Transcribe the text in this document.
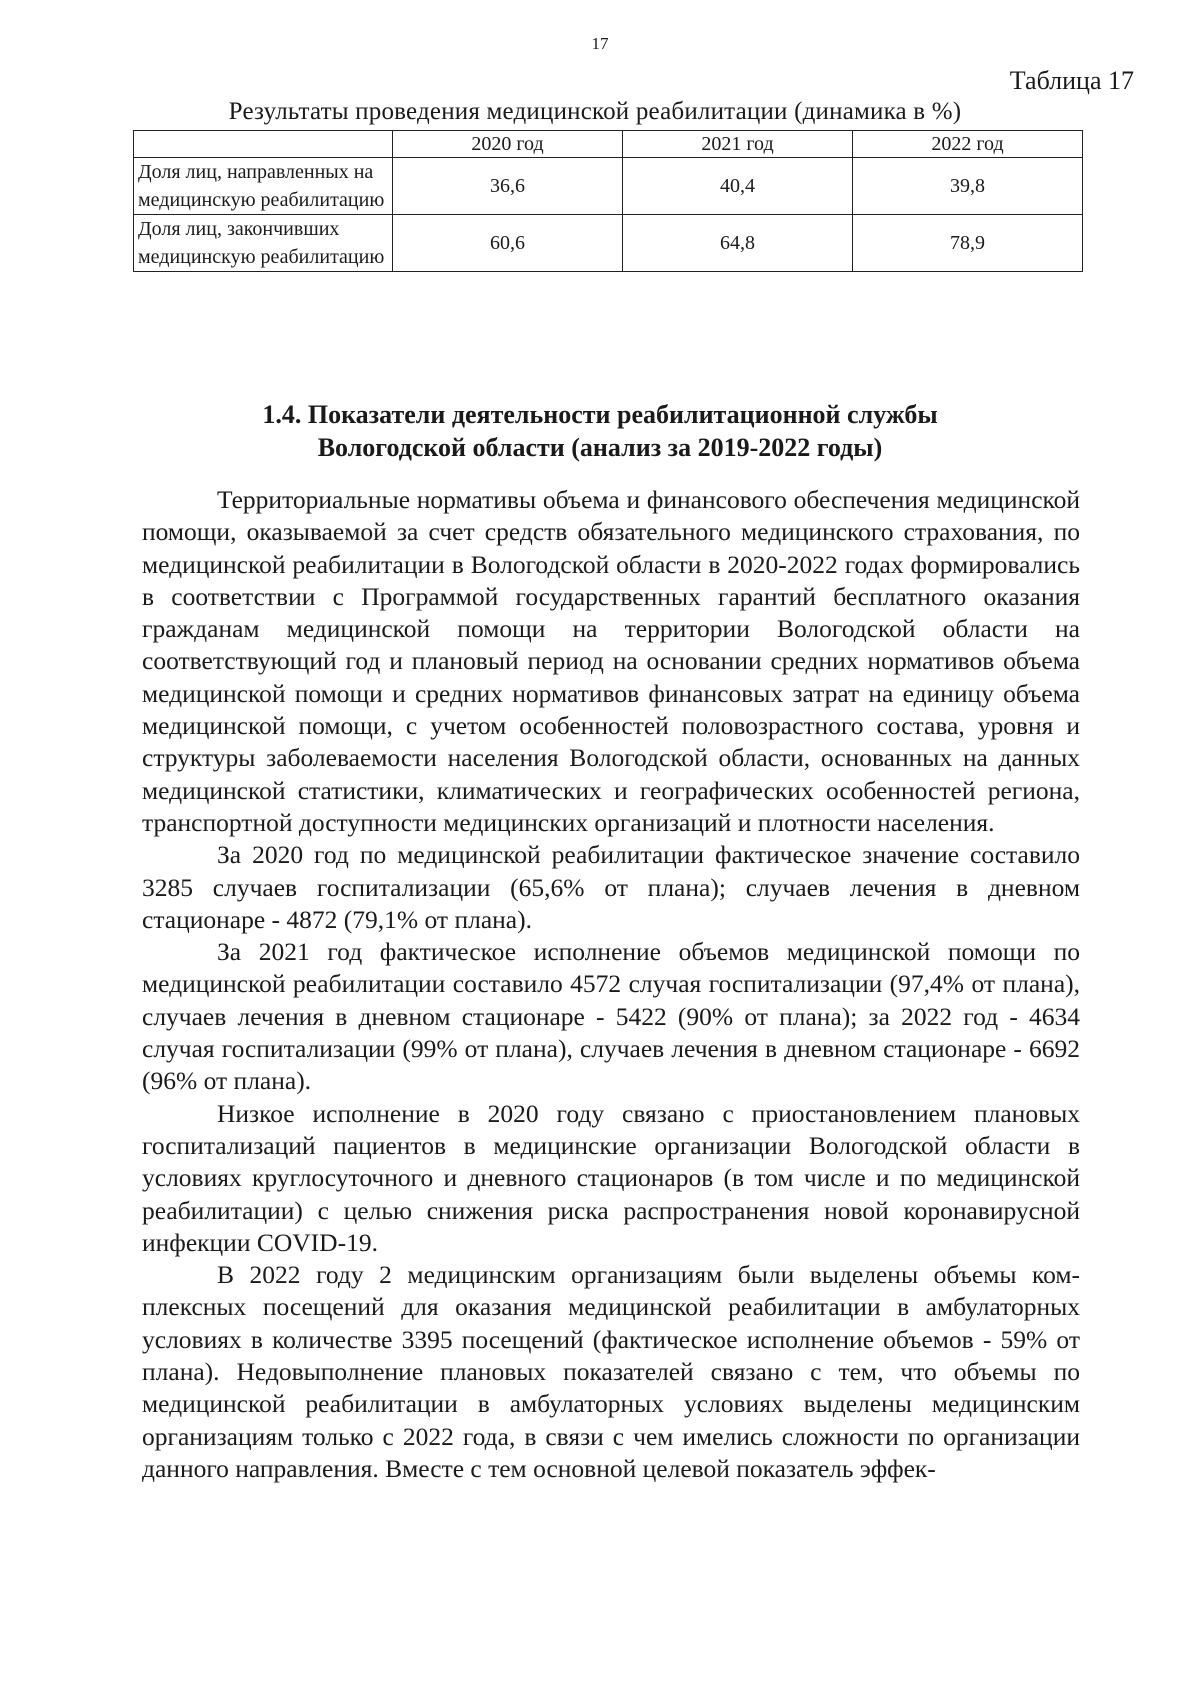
17
Таблица 17
Результаты проведения медицинской реабилитации (динамика в %)
	2020 год	2021 год	2022 год
Доля лиц, направленных на медицинскую реабилитацию	36,6	40,4	39,8
Доля лиц, закончивших медицинскую реабилитацию	60,6	64,8	78,9
1.4. Показатели деятельности реабилитационной службы
Вологодской области (анализ за 2019-2022 годы)

Территориальные нормативы объема и финансового обеспечения медицинской помощи, оказываемой за счет средств обязательного медицинского страхования, по медицинской реабилитации в Вологодской области в 2020-2022 годах формировались в соответствии с Программой государственных гарантий бесплатного оказания гражданам медицинской помощи на территории Вологодской области на соответствующий год и плановый период на основании средних нормативов объема медицинской помощи и средних нормативов финансовых затрат на единицу объема медицинской помощи, с учетом особенностей половозрастного состава, уровня и структуры заболеваемости населения Вологодской области, основанных на данных медицинской статистики, климатических и географических особенностей региона, транспортной доступности медицинских организаций и плотности населения.

За 2020 год по медицинской реабилитации фактическое значение составило 3285 случаев госпитализации (65,6% от плана); случаев лечения в дневном стационаре - 4872 (79,1% от плана).

За 2021 год фактическое исполнение объемов медицинской помощи по медицинской реабилитации составило 4572 случая госпитализации (97,4% от плана), случаев лечения в дневном стационаре - 5422 (90% от плана); за 2022 год - 4634 случая госпитализации (99% от плана), случаев лечения в дневном стационаре - 6692 (96% от плана).

Низкое исполнение в 2020 году связано с приостановлением плановых госпитализаций пациентов в медицинские организации Вологодской области в условиях круглосуточного и дневного стационаров (в том числе и по медицинской реабилитации) с целью снижения риска распространения новой коронавирусной инфекции COVID-19.

В 2022 году 2 медицинским организациям были выделены объемы комплексных посещений для оказания медицинской реабилитации в амбулаторных условиях в количестве 3395 посещений (фактическое исполнение объемов - 59% от плана). Недовыполнение плановых показателей связано с тем, что объемы по медицинской реабилитации в амбулаторных условиях выделены медицинским организациям только с 2022 года, в связи с чем имелись сложности по организации данного направления. Вместе с тем основной целевой показатель эффек-
